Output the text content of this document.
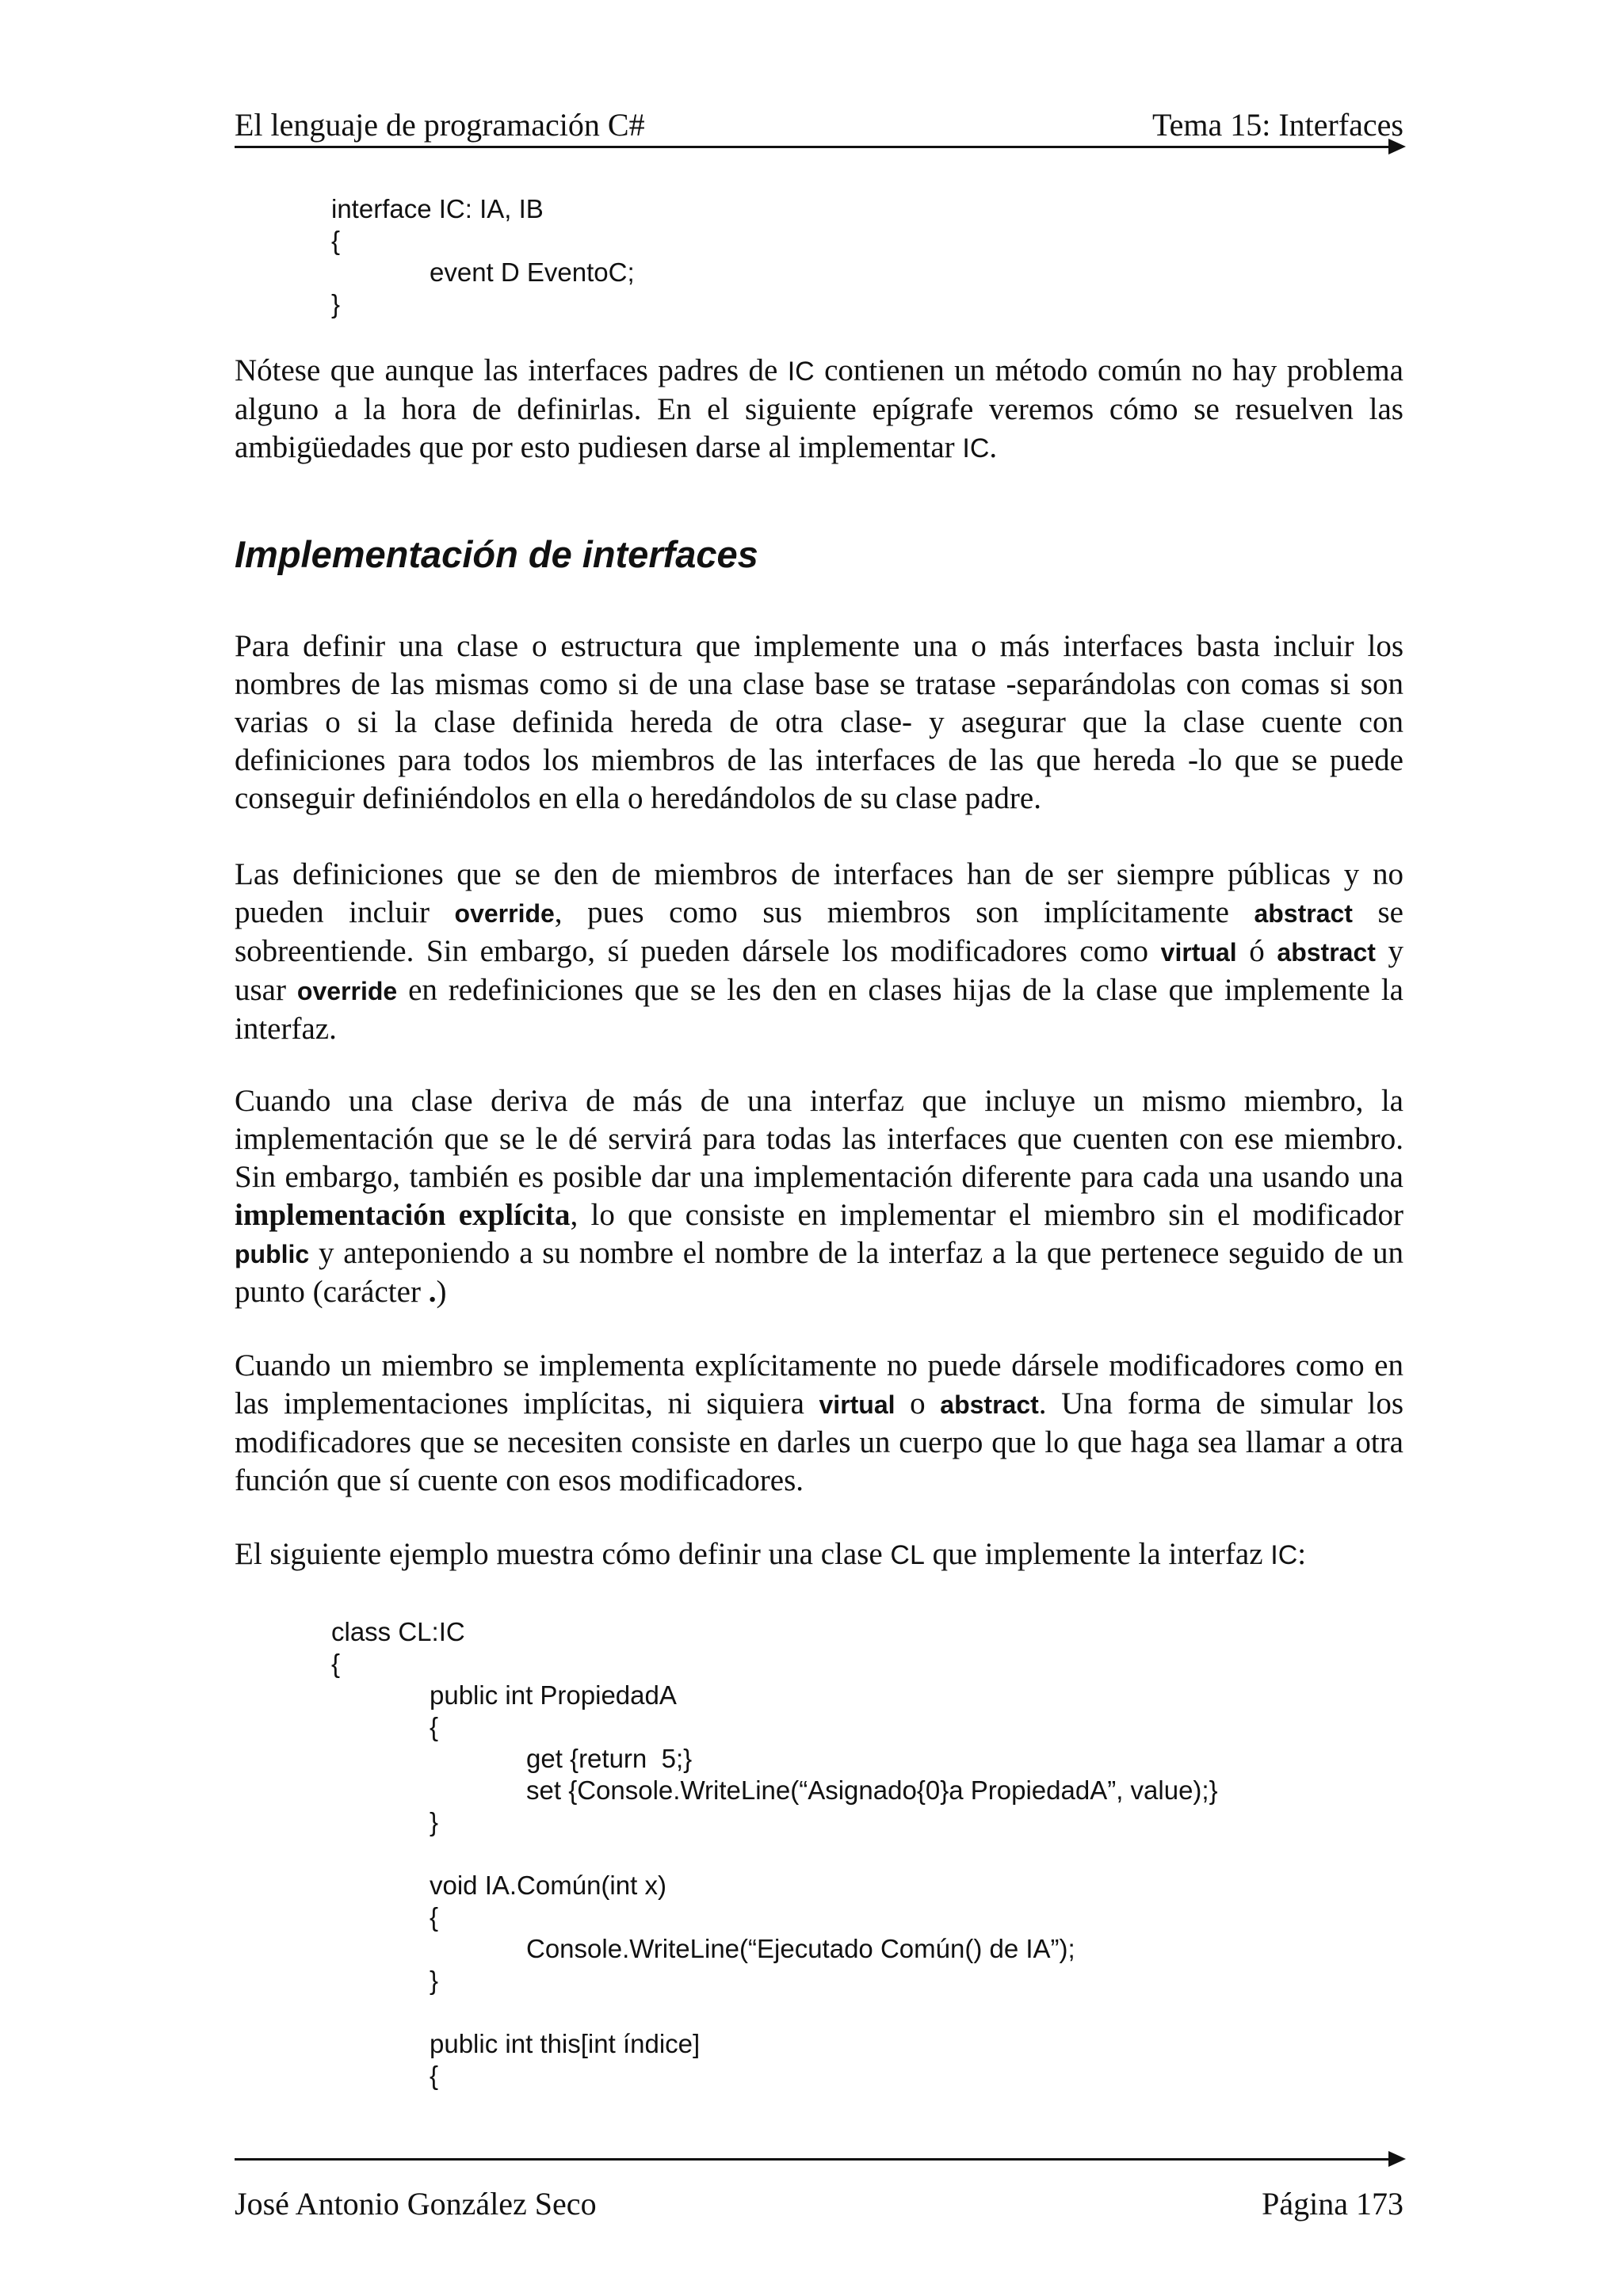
El lenguaje de programación C#	Tema 15: Interfaces
interface IC: IA, IB
{
event D EventoC;
}

Nótese que aunque las interfaces padres de IC contienen un método común no hay problema alguno a la hora de definirlas. En el siguiente epígrafe veremos cómo se resuelven las ambigüedades que por esto pudiesen darse al implementar IC.

Implementación de interfaces

Para definir una clase o estructura que implemente una o más interfaces basta incluir los nombres de las mismas como si de una clase base se tratase -separándolas con comas si son varias o si la clase definida hereda de otra clase- y asegurar que la clase cuente con definiciones para todos los miembros de las interfaces de las que hereda -lo que se puede conseguir definiéndolos en ella o heredándolos de su clase padre.

Las definiciones que se den de miembros de interfaces han de ser siempre públicas y no pueden incluir override, pues como sus miembros son implícitamente abstract se sobreentiende. Sin embargo, sí pueden dársele los modificadores como virtual ó abstract y usar override en redefiniciones que se les den en clases hijas de la clase que implemente la interfaz.

Cuando una clase deriva de más de una interfaz que incluye un mismo miembro, la implementación que se le dé servirá para todas las interfaces que cuenten con ese miembro. Sin embargo, también es posible dar una implementación diferente para cada una usando una implementación explícita, lo que consiste en implementar el miembro sin el modificador public y anteponiendo a su nombre el nombre de la interfaz a la que pertenece seguido de un punto (carácter .)

Cuando un miembro se implementa explícitamente no puede dársele modificadores como en las implementaciones implícitas, ni siquiera virtual o abstract. Una forma de simular los modificadores que se necesiten consiste en darles un cuerpo que lo que haga sea llamar a otra función que sí cuente con esos modificadores.

El siguiente ejemplo muestra cómo definir una clase CL que implemente la interfaz IC:

class CL:IC
{
public int PropiedadA
{
get {return  5;}
set {Console.WriteLine(“Asignado{0}a PropiedadA”, value);}
}
void IA.Común(int x)
{
Console.WriteLine(“Ejecutado Común() de IA”);
}
public int this[int índice]
{
José Antonio González Seco	Página 173
